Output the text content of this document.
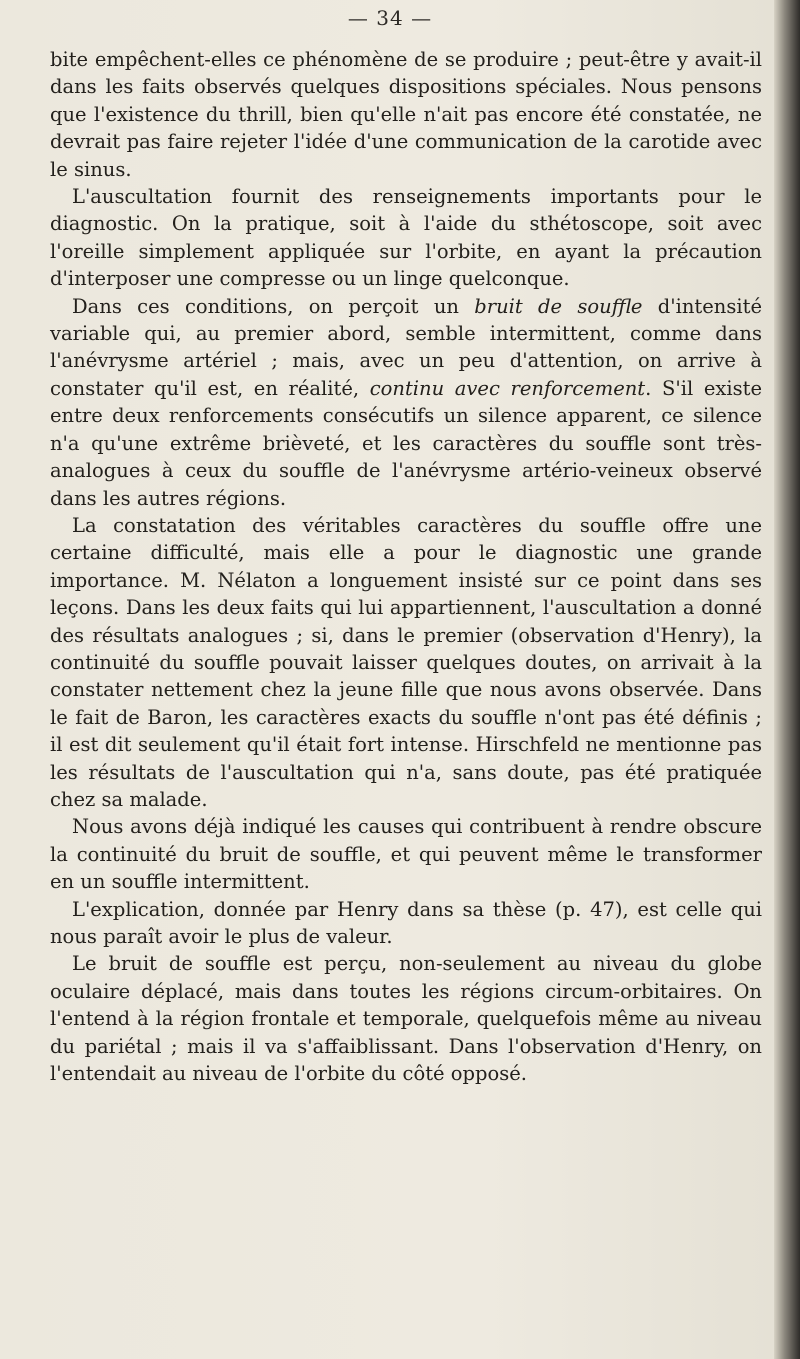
— 34 —

bite empêchent-elles ce phénomène de se produire ; peut-être y avait-il dans les faits observés quelques dispositions spéciales. Nous pensons que l'existence du thrill, bien qu'elle n'ait pas encore été constatée, ne devrait pas faire rejeter l'idée d'une communication de la carotide avec le sinus.

L'auscultation fournit des renseignements importants pour le diagnostic. On la pratique, soit à l'aide du sthétoscope, soit avec l'oreille simplement appliquée sur l'orbite, en ayant la précaution d'interposer une compresse ou un linge quelconque.

Dans ces conditions, on perçoit un bruit de souffle d'intensité variable qui, au premier abord, semble intermittent, comme dans l'anévrysme artériel ; mais, avec un peu d'attention, on arrive à constater qu'il est, en réalité, continu avec renforcement. S'il existe entre deux renforcements consécutifs un silence apparent, ce silence n'a qu'une extrême brièveté, et les caractères du souffle sont très-analogues à ceux du souffle de l'anévrysme artério-veineux observé dans les autres régions.

La constatation des véritables caractères du souffle offre une certaine difficulté, mais elle a pour le diagnostic une grande importance. M. Nélaton a longuement insisté sur ce point dans ses leçons. Dans les deux faits qui lui appartiennent, l'auscultation a donné des résultats analogues ; si, dans le premier (observation d'Henry), la continuité du souffle pouvait laisser quelques doutes, on arrivait à la constater nettement chez la jeune fille que nous avons observée. Dans le fait de Baron, les caractères exacts du souffle n'ont pas été définis ; il est dit seulement qu'il était fort intense. Hirschfeld ne mentionne pas les résultats de l'auscultation qui n'a, sans doute, pas été pratiquée chez sa malade.

Nous avons déjà indiqué les causes qui contribuent à rendre obscure la continuité du bruit de souffle, et qui peuvent même le transformer en un souffle intermittent.

L'explication, donnée par Henry dans sa thèse (p. 47), est celle qui nous paraît avoir le plus de valeur.

Le bruit de souffle est perçu, non-seulement au niveau du globe oculaire déplacé, mais dans toutes les régions circum-orbitaires. On l'entend à la région frontale et temporale, quelquefois même au niveau du pariétal ; mais il va s'affaiblissant. Dans l'observation d'Henry, on l'entendait au niveau de l'orbite du côté opposé.
